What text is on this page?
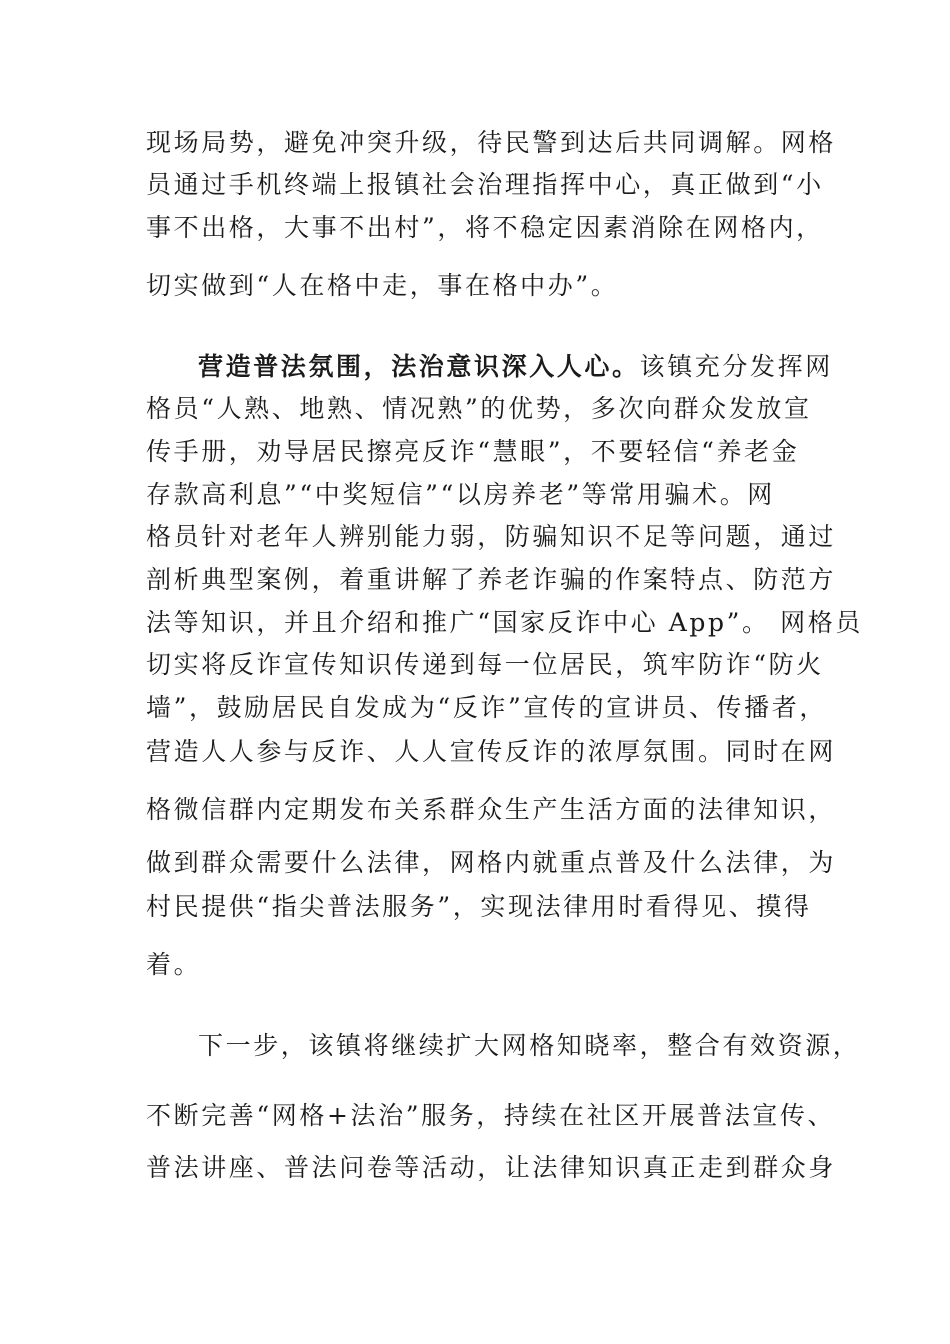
现场局势，避免冲突升级，待民警到达后共同调解。网格
员通过手机终端上报镇社会治理指挥中心，真正做到“小
事不出格，大事不出村”，将不稳定因素消除在网格内，
切实做到“人在格中走，事在格中办”。
营造普法氛围，法治意识深入人心。该镇充分发挥网
格员“人熟、地熟、情况熟”的优势，多次向群众发放宣
传手册，劝导居民擦亮反诈“慧眼”，不要轻信“养老金
存款高利息”“中奖短信”“以房养老”等常用骗术。网
格员针对老年人辨别能力弱，防骗知识不足等问题，通过
剖析典型案例，着重讲解了养老诈骗的作案特点、防范方
法等知识，并且介绍和推广“国家反诈中心 App”。 网格员
切实将反诈宣传知识传递到每一位居民，筑牢防诈“防火
墙”，鼓励居民自发成为“反诈”宣传的宣讲员、传播者，
营造人人参与反诈、人人宣传反诈的浓厚氛围。同时在网
格微信群内定期发布关系群众生产生活方面的法律知识，
做到群众需要什么法律，网格内就重点普及什么法律，为
村民提供“指尖普法服务”，实现法律用时看得见、摸得
着。
下一步，该镇将继续扩大网格知晓率，整合有效资源，
不断完善“网格+法治”服务，持续在社区开展普法宣传、
普法讲座、普法问卷等活动，让法律知识真正走到群众身
